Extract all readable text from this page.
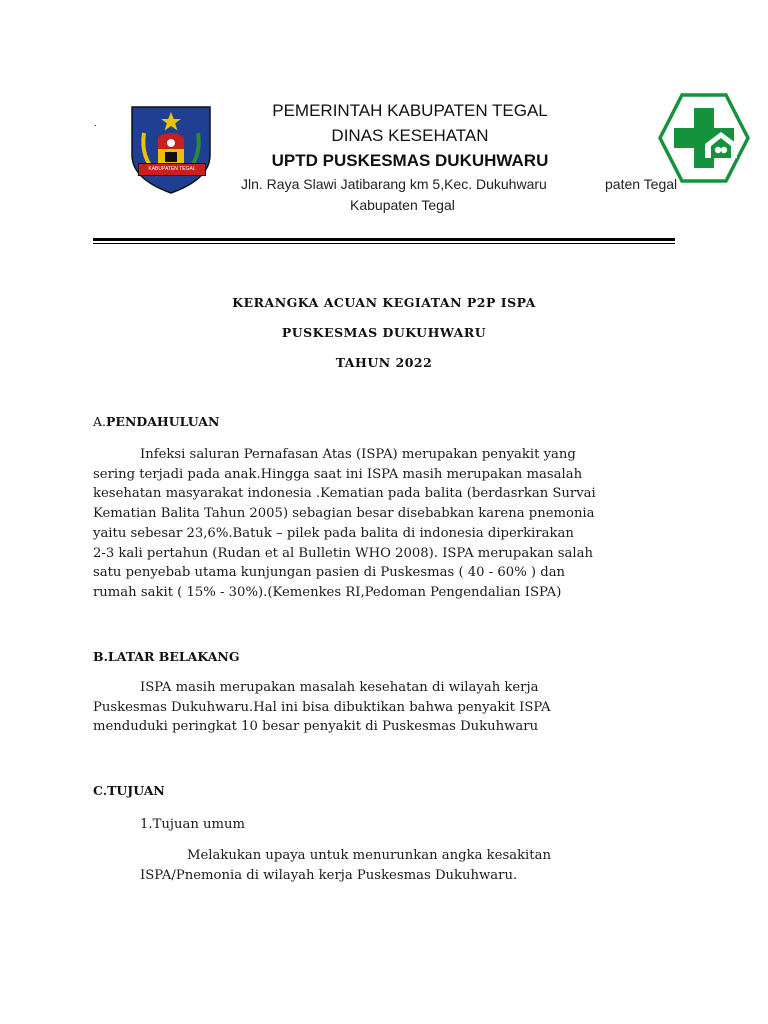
KABUPATEN TEGAL
.
PEMERINTAH KABUPATEN TEGAL
DINAS KESEHATAN
UPTD PUSKESMAS DUKUHWARU
Jln. Raya Slawi Jatibarang km 5,Kec. Dukuhwaru	paten Tegal
Kabupaten Tegal
KERANGKA ACUAN KEGIATAN P2P ISPA
PUSKESMAS DUKUHWARU
TAHUN 2022
A.PENDAHULUAN
Infeksi saluran Pernafasan Atas (ISPA) merupakan penyakit yang
sering terjadi pada anak.Hingga saat ini ISPA masih merupakan masalah
kesehatan masyarakat indonesia .Kematian pada balita (berdasrkan Survai
Kematian Balita Tahun 2005) sebagian besar disebabkan karena pnemonia
yaitu sebesar 23,6%.Batuk – pilek pada balita di indonesia diperkirakan
2-3 kali pertahun (Rudan et al Bulletin WHO 2008). ISPA merupakan salah
satu penyebab utama kunjungan pasien di Puskesmas ( 40 - 60% ) dan
rumah sakit ( 15% - 30%).(Kemenkes RI,Pedoman Pengendalian ISPA)
B.LATAR BELAKANG
ISPA masih merupakan masalah kesehatan di wilayah kerja
Puskesmas Dukuhwaru.Hal ini bisa dibuktikan bahwa penyakit ISPA
menduduki peringkat 10 besar penyakit di Puskesmas Dukuhwaru
C.TUJUAN
1.Tujuan umum
Melakukan upaya untuk menurunkan angka kesakitan
ISPA/Pnemonia di wilayah kerja Puskesmas Dukuhwaru.
